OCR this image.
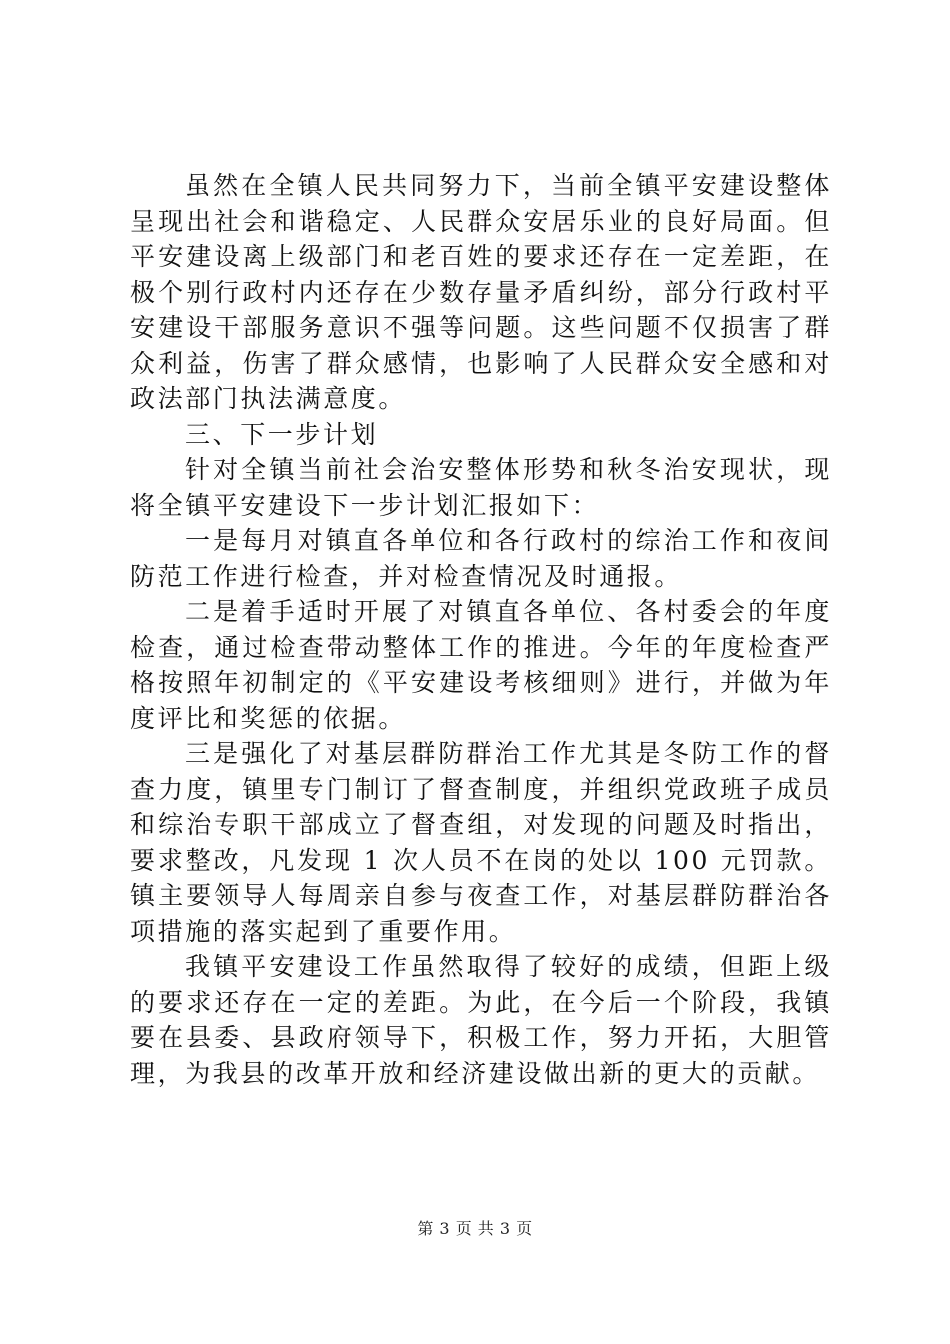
虽然在全镇人民共同努力下，当前全镇平安建设整体呈现出社会和谐稳定、人民群众安居乐业的良好局面。但平安建设离上级部门和老百姓的要求还存在一定差距，在极个别行政村内还存在少数存量矛盾纠纷，部分行政村平安建设干部服务意识不强等问题。这些问题不仅损害了群众利益，伤害了群众感情，也影响了人民群众安全感和对政法部门执法满意度。

三、下一步计划

针对全镇当前社会治安整体形势和秋冬治安现状，现将全镇平安建设下一步计划汇报如下：

一是每月对镇直各单位和各行政村的综治工作和夜间防范工作进行检查，并对检查情况及时通报。

二是着手适时开展了对镇直各单位、各村委会的年度检查，通过检查带动整体工作的推进。今年的年度检查严格按照年初制定的《平安建设考核细则》进行，并做为年度评比和奖惩的依据。

三是强化了对基层群防群治工作尤其是冬防工作的督查力度，镇里专门制订了督查制度，并组织党政班子成员和综治专职干部成立了督查组，对发现的问题及时指出，要求整改，凡发现 1 次人员不在岗的处以 100 元罚款。镇主要领导人每周亲自参与夜查工作，对基层群防群治各项措施的落实起到了重要作用。

我镇平安建设工作虽然取得了较好的成绩，但距上级的要求还存在一定的差距。为此，在今后一个阶段，我镇要在县委、县政府领导下，积极工作，努力开拓，大胆管理，为我县的改革开放和经济建设做出新的更大的贡献。

第 3 页 共 3 页
